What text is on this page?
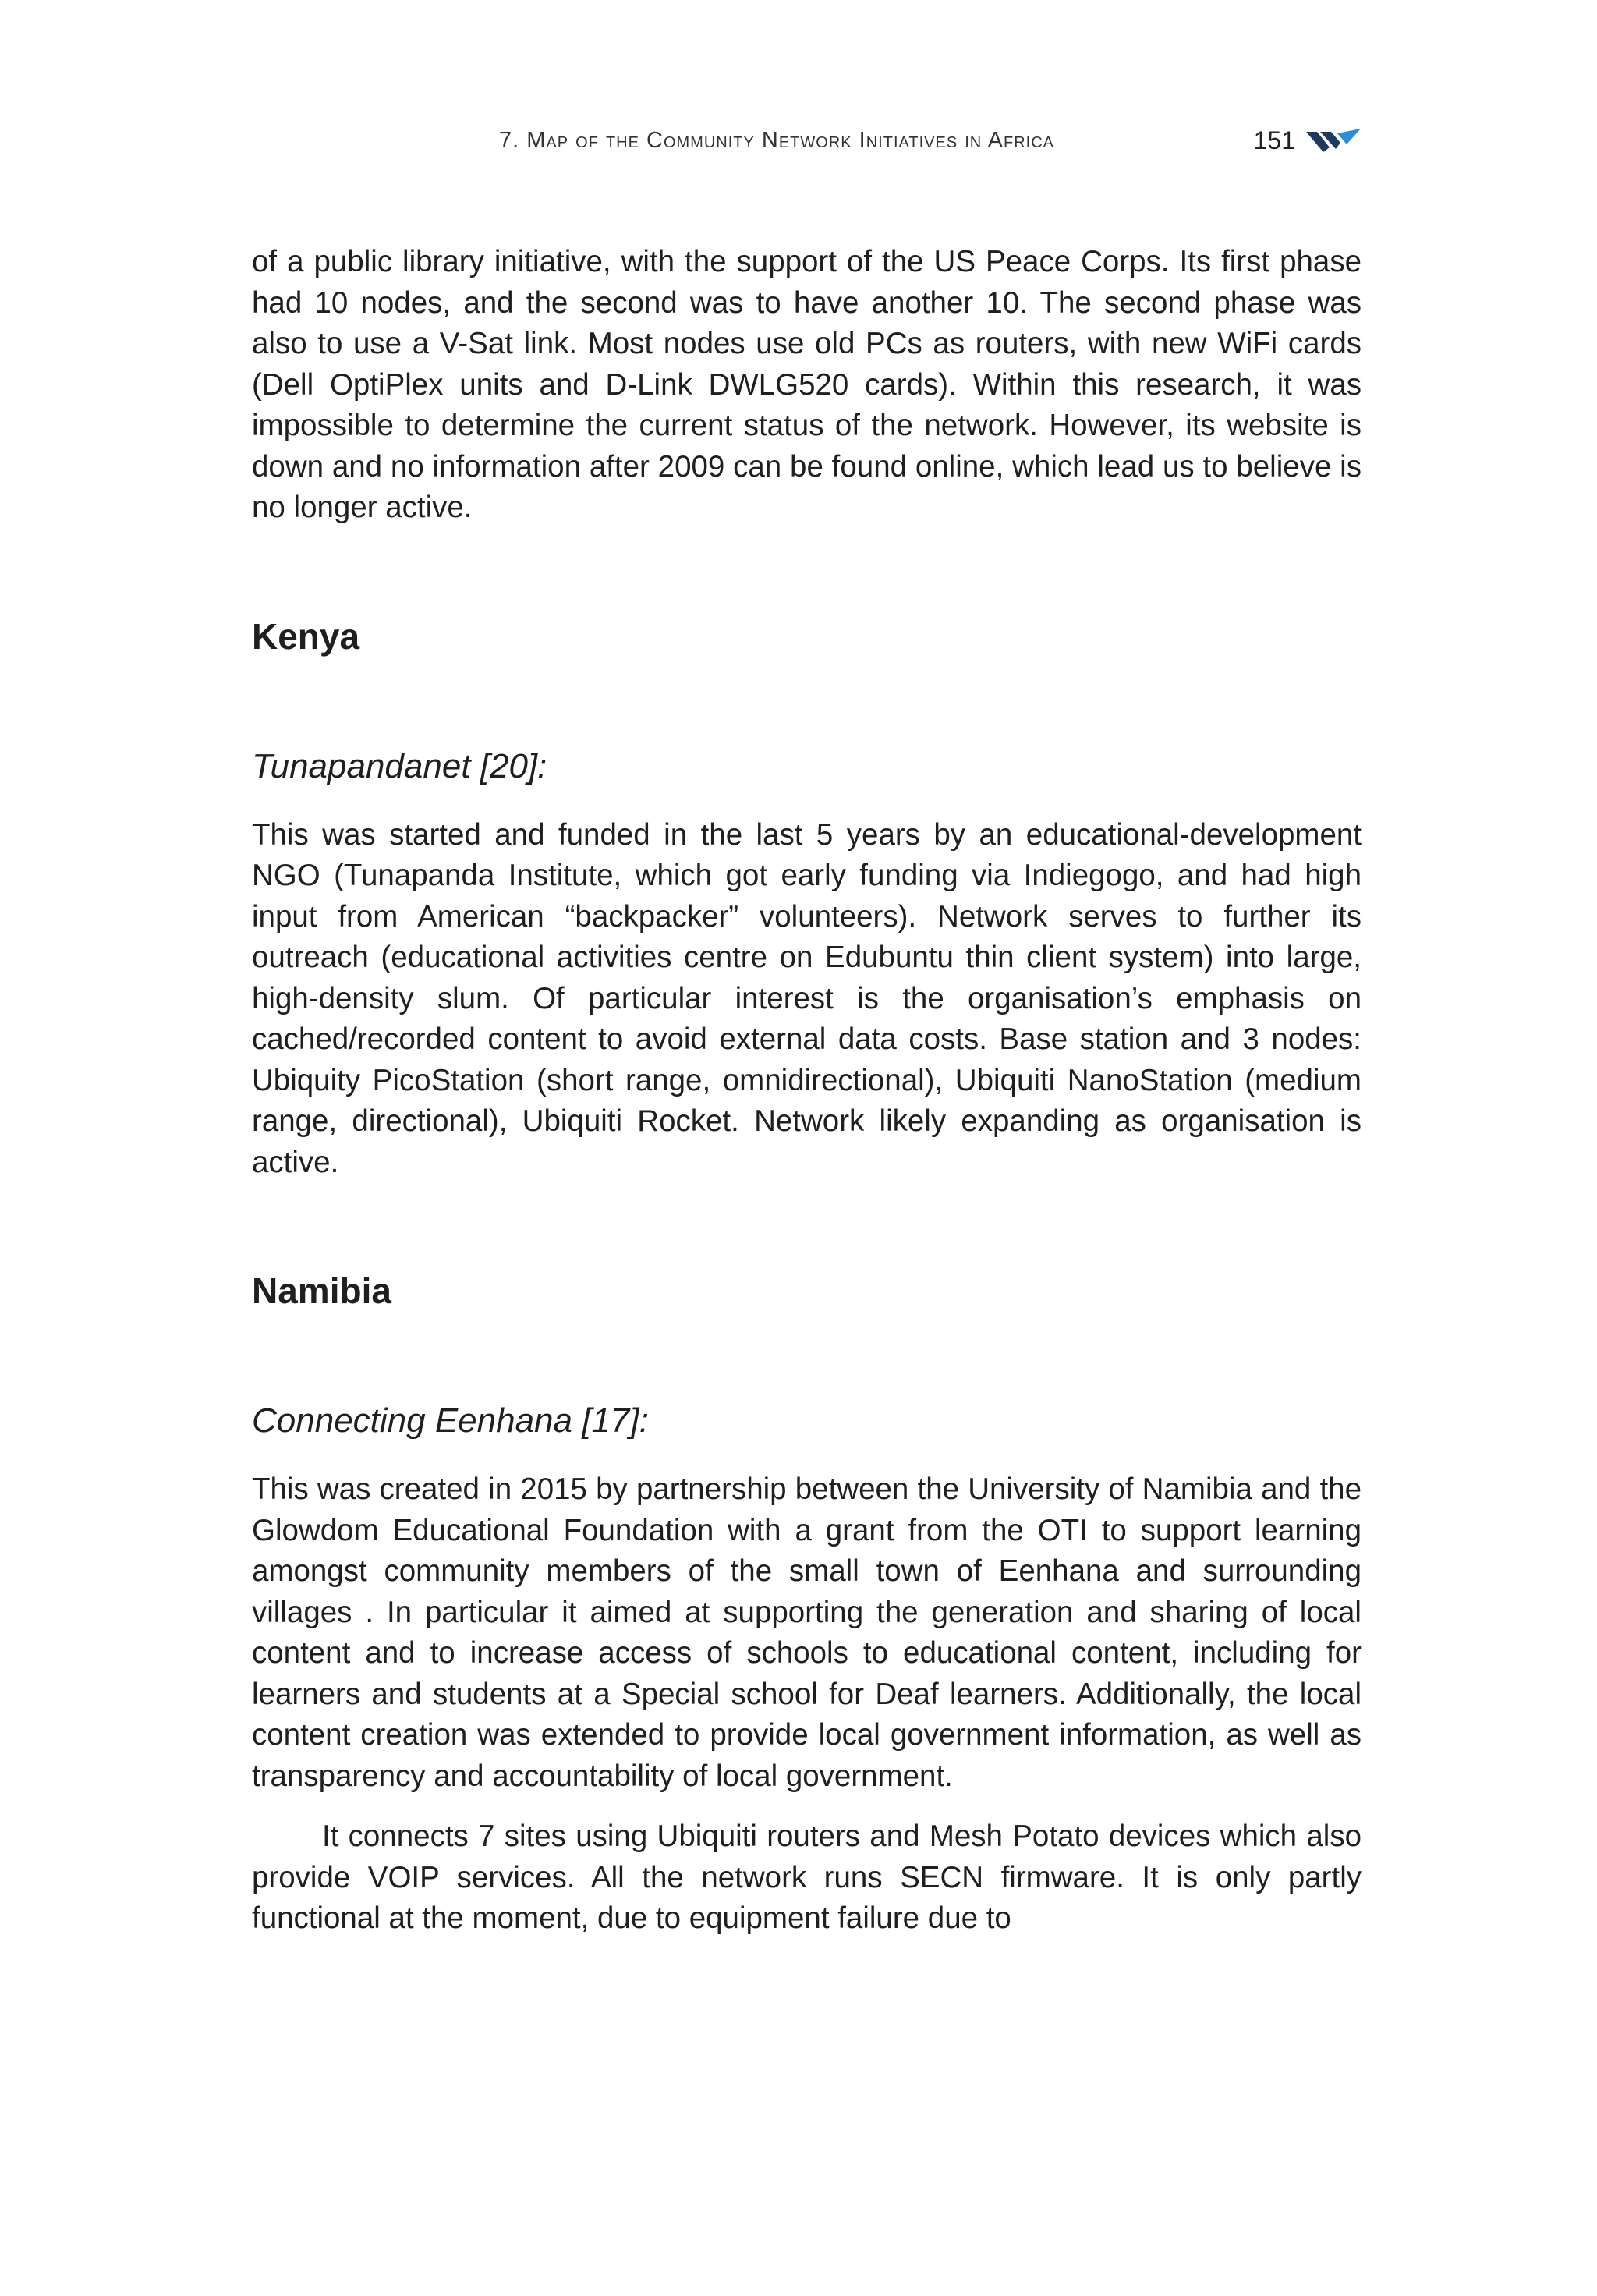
7. Map of the Community Network Initiatives in Africa	151

of a public library initiative, with the support of the US Peace Corps. Its first phase had 10 nodes, and the second was to have another 10. The second phase was also to use a V-Sat link. Most nodes use old PCs as routers, with new WiFi cards (Dell OptiPlex units and D-Link DWLG520 cards). Within this research, it was impossible to determine the current status of the network. However, its website is down and no information after 2009 can be found online, which lead us to believe is no longer active.

Kenya
Tunapandanet [20]:

This was started and funded in the last 5 years by an educational-development NGO (Tunapanda Institute, which got early funding via Indiegogo, and had high input from American “backpacker” volunteers). Network serves to further its outreach (educational activities centre on Edubuntu thin client system) into large, high-density slum. Of particular interest is the organisation’s emphasis on cached/recorded content to avoid external data costs. Base station and 3 nodes: Ubiquity PicoStation (short range, omnidirectional), Ubiquiti NanoStation (medium range, directional), Ubiquiti Rocket. Network likely expanding as organisation is active.

Namibia
Connecting Eenhana [17]:

This was created in 2015 by partnership between the University of Namibia and the Glowdom Educational Foundation with a grant from the OTI to support learning amongst community members of the small town of Eenhana and surrounding villages . In particular it aimed at supporting the generation and sharing of local content and to increase access of schools to educational content, including for learners and students at a Special school for Deaf learners. Additionally, the local content creation was extended to provide local government information, as well as transparency and accountability of local government.

It connects 7 sites using Ubiquiti routers and Mesh Potato devices which also provide VOIP services. All the network runs SECN firmware. It is only partly functional at the moment, due to equipment failure due to
